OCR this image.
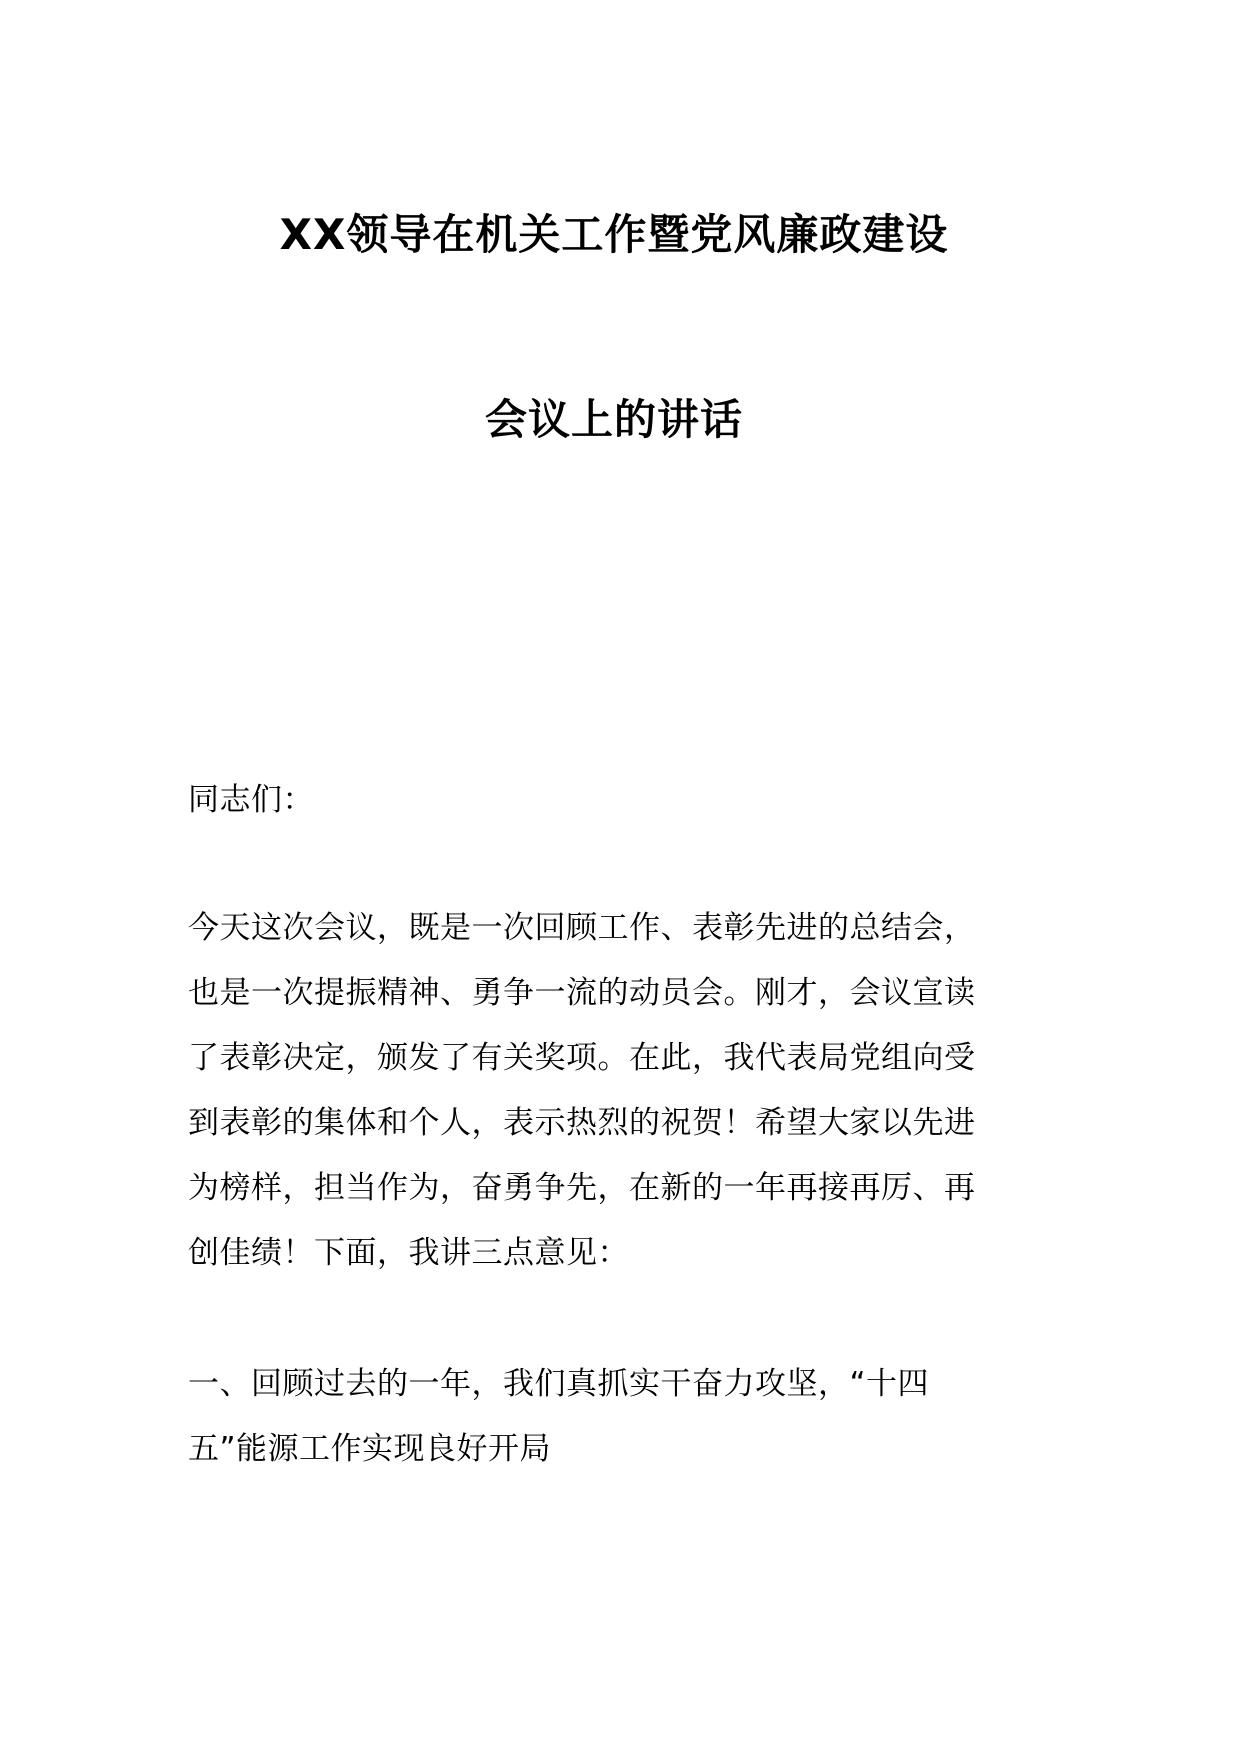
XX领导在机关工作暨党风廉政建设
会议上的讲话
同志们：
今天这次会议，既是一次回顾工作、表彰先进的总结会，
也是一次提振精神、勇争一流的动员会。刚才，会议宣读
了表彰决定，颁发了有关奖项。在此，我代表局党组向受
到表彰的集体和个人，表示热烈的祝贺！希望大家以先进
为榜样，担当作为，奋勇争先，在新的一年再接再厉、再
创佳绩！下面，我讲三点意见：
一、回顾过去的一年，我们真抓实干奋力攻坚，“十四
五”能源工作实现良好开局
